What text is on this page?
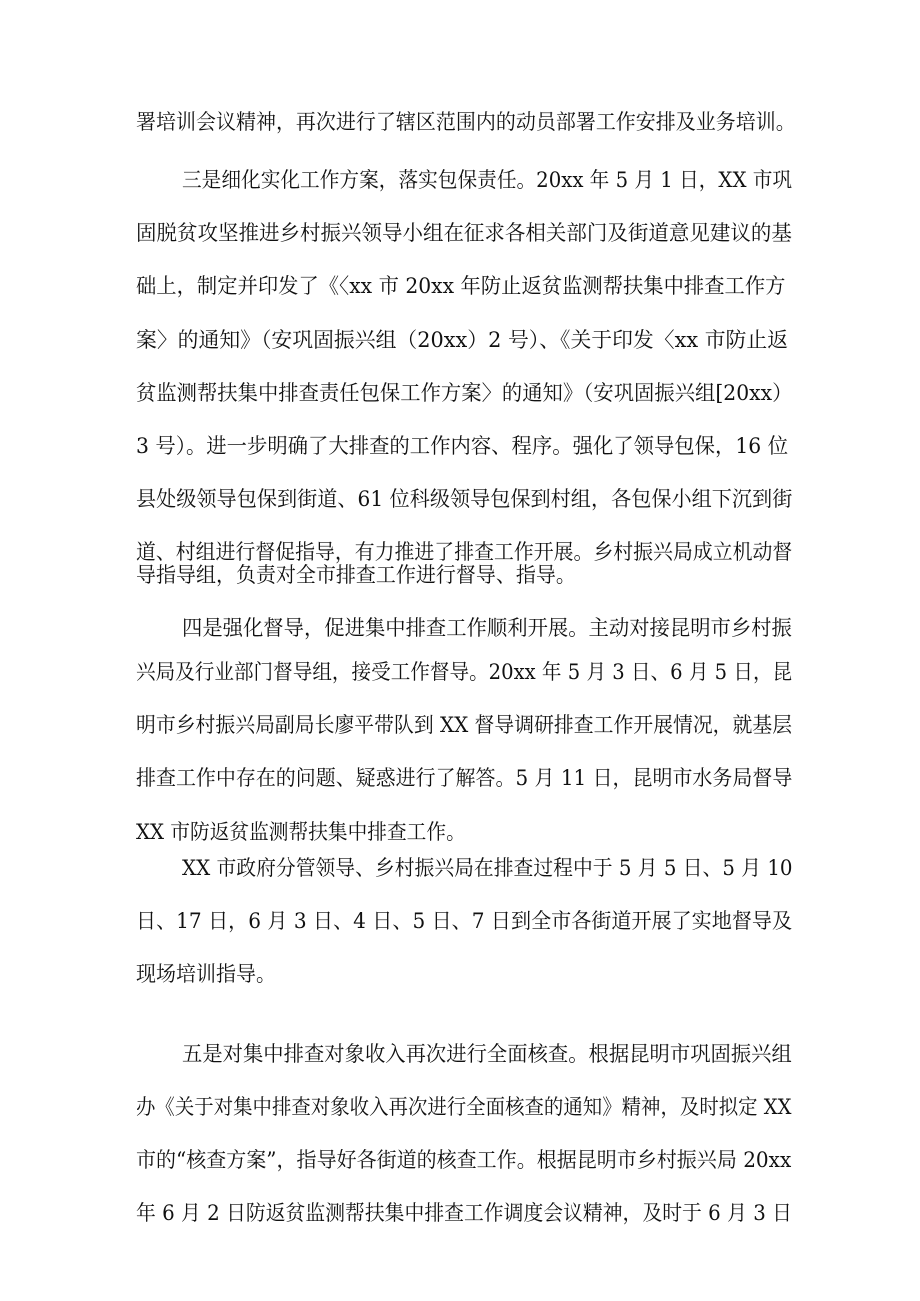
署培训会议精神，再次进行了辖区范围内的动员部署工作安排及业务培训。
三是细化实化工作方案，落实包保责任。20xx 年 5 月 1 日，XX 市巩
固脱贫攻坚推进乡村振兴领导小组在征求各相关部门及街道意见建议的基
础上，制定并印发了《〈xx 市 20xx 年防止返贫监测帮扶集中排查工作方
案〉的通知》（安巩固振兴组（20xx）2 号）、《关于印发〈xx 市防止返
贫监测帮扶集中排查责任包保工作方案〉的通知》（安巩固振兴组[20xx）
3 号）。进一步明确了大排查的工作内容、程序。强化了领导包保，16 位
县处级领导包保到街道、61 位科级领导包保到村组，各包保小组下沉到街
道、村组进行督促指导，有力推进了排查工作开展。乡村振兴局成立机动督
导指导组，负责对全市排查工作进行督导、指导。
四是强化督导，促进集中排查工作顺利开展。主动对接昆明市乡村振
兴局及行业部门督导组，接受工作督导。20xx 年 5 月 3 日、6 月 5 日，昆
明市乡村振兴局副局长廖平带队到 XX 督导调研排查工作开展情况，就基层
排查工作中存在的问题、疑惑进行了解答。5 月 11 日，昆明市水务局督导
XX 市防返贫监测帮扶集中排查工作。
XX 市政府分管领导、乡村振兴局在排查过程中于 5 月 5 日、5 月 10
日、17 日，6 月 3 日、4 日、5 日、7 日到全市各街道开展了实地督导及
现场培训指导。
五是对集中排查对象收入再次进行全面核查。根据昆明市巩固振兴组
办《关于对集中排查对象收入再次进行全面核查的通知》精神，及时拟定 XX
市的“核查方案”，指导好各街道的核查工作。根据昆明市乡村振兴局 20xx
年 6 月 2 日防返贫监测帮扶集中排查工作调度会议精神，及时于 6 月 3 日
